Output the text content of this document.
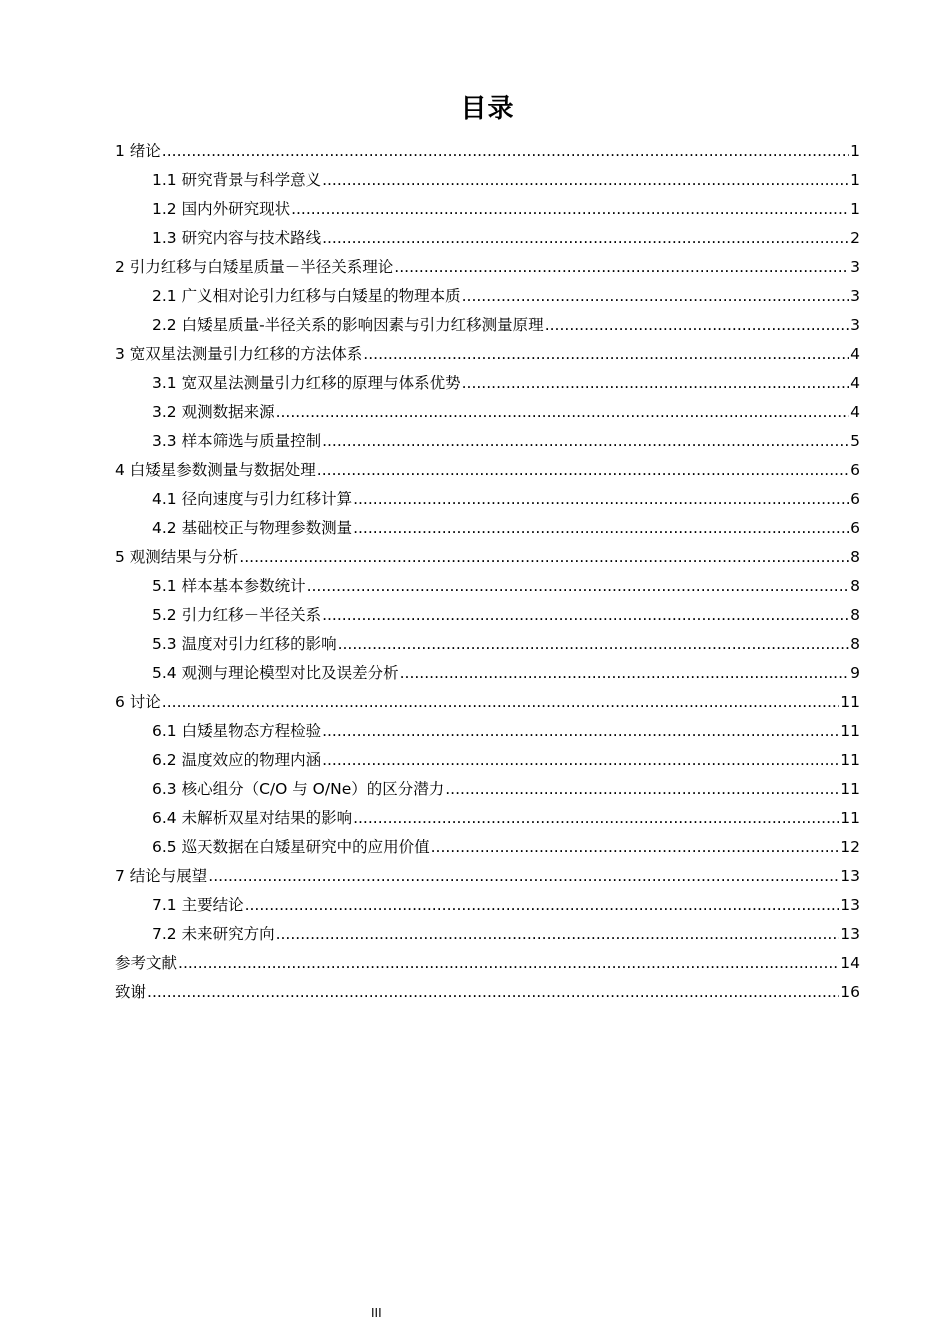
目录
1 绪论 .....	1
1.1 研究背景与科学意义 .....	1
1.2 国内外研究现状 .....	1
1.3 研究内容与技术路线 .....	2
2 引力红移与白矮星质量－半径关系理论 .....	3
2.1 广义相对论引力红移与白矮星的物理本质 .....	3
2.2 白矮星质量-半径关系的影响因素与引力红移测量原理 .....	3
3 宽双星法测量引力红移的方法体系 .....	4
3.1 宽双星法测量引力红移的原理与体系优势 .....	4
3.2 观测数据来源 .....	4
3.3 样本筛选与质量控制 .....	5
4 白矮星参数测量与数据处理 .....	6
4.1 径向速度与引力红移计算 .....	6
4.2 基础校正与物理参数测量 .....	6
5 观测结果与分析 .....	8
5.1 样本基本参数统计 .....	8
5.2 引力红移－半径关系 .....	8
5.3 温度对引力红移的影响 .....	8
5.4 观测与理论模型对比及误差分析 .....	9
6 讨论 .....	11
6.1 白矮星物态方程检验 .....	11
6.2 温度效应的物理内涵 .....	11
6.3 核心组分（C/O 与 O/Ne）的区分潜力 .....	11
6.4 未解析双星对结果的影响 .....	11
6.5 巡天数据在白矮星研究中的应用价值 .....	12
7 结论与展望 .....	13
7.1 主要结论 .....	13
7.2 未来研究方向 .....	13
参考文献 .....	14
致谢 .....	16
III
